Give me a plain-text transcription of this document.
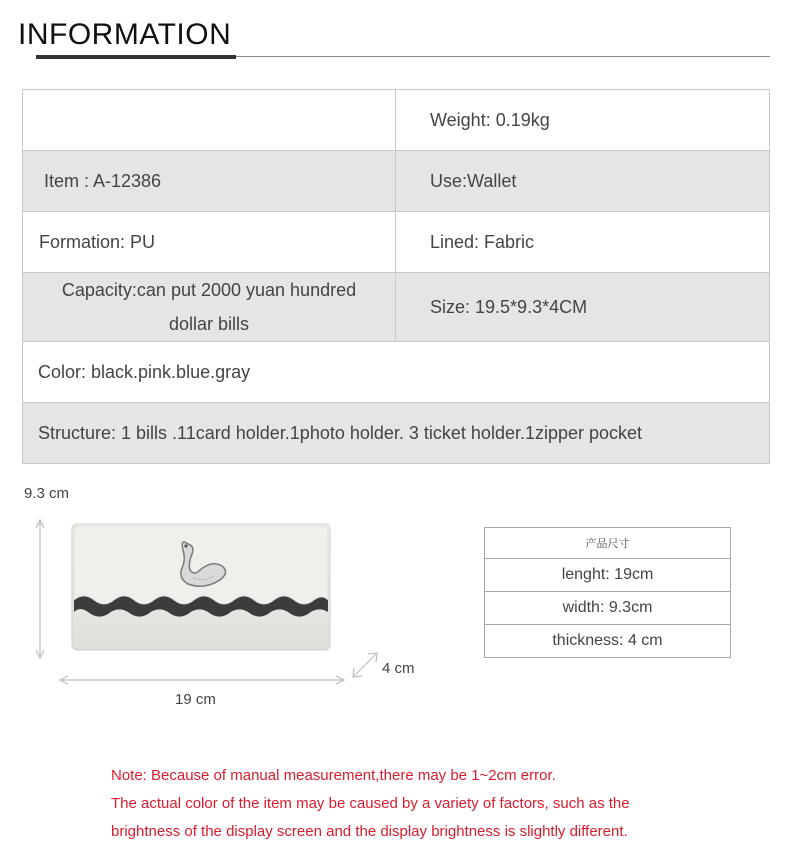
INFORMATION
	Weight: 0.19kg
Item : A-12386	Use:Wallet
Formation: PU	Lined: Fabric

Capacity:can put 2000 yuan hundred
dollar bills	Size: 19.5*9.3*4CM
Color: black.pink.blue.gray	
Structure: 1 bills .11card holder.1photo holder. 3 ticket holder.1zipper pocket	
9.3 cm
19 cm
4 cm
产品尺寸
lenght: 19cm
width: 9.3cm
thickness: 4 cm
Note: Because of manual measurement,there may be 1~2cm error.
The actual color of the item may be caused by a variety of factors, such as the
brightness of the display screen and the display brightness is slightly different.
